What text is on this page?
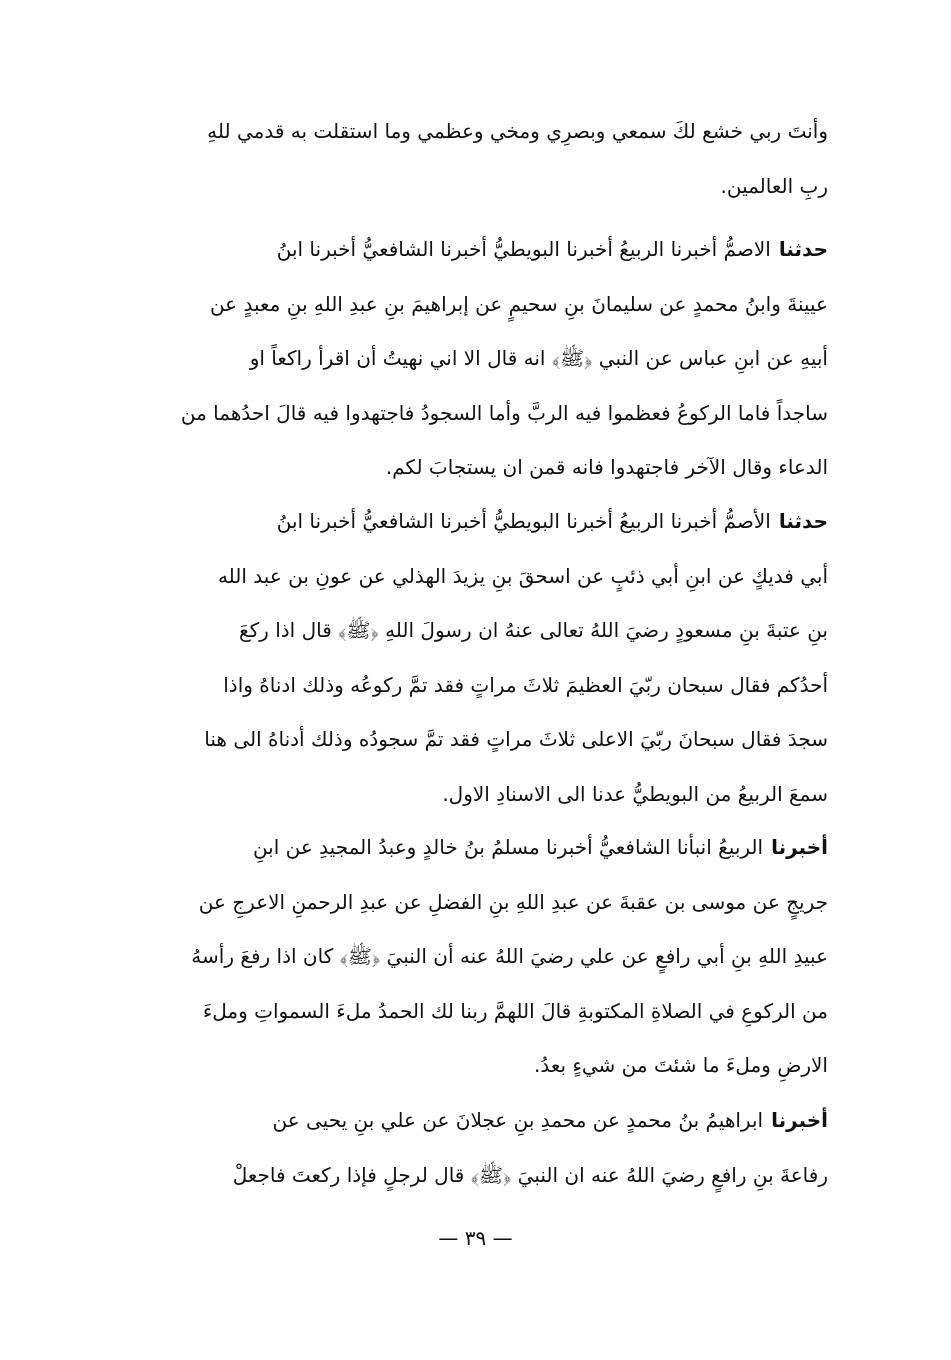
وأنتَ ربي خشع لكَ سمعي وبصرِي ومخي وعظمي وما استقلت به قدمي للهِ
ربِ العالمين.
حدثناالاصمُّ أخبرنا الربيعُ أخبرنا البويطيُّ أخبرنا الشافعيُّ أخبرنا ابنُ
عيينةَ وابنُ محمدٍ عن سليمانَ بنِ سحيمٍ عن إبراهيمَ بنِ عبدِ اللهِ بنِ معبدٍ عن
أبيهِ عن ابنِ عباس عن النبي ﴿ﷺ﴾ انه قال الا اني نهيتُ أن اقرأ راكعاً او
ساجداً فاما الركوعُ فعظموا فيه الربَّ وأما السجودُ فاجتهدوا فيه قالَ احدُهما من
الدعاء وقال الآخر فاجتهدوا فانه قمن ان يستجابَ لكم.
حدثناالأصمُّ أخبرنا الربيعُ أخبرنا البويطيُّ أخبرنا الشافعيُّ أخبرنا ابنُ
أبي فديكٍ عن ابنِ أبي ذئبٍ عن اسحقَ بنِ يزيدَ الهذلي عن عونِ بن عبد الله
بنِ عتبةَ بنِ مسعودٍ رضيَ اللهُ تعالى عنهُ ان رسولَ اللهِ ﴿ﷺ﴾ قال اذا ركعَ
أحدُكم فقال سبحان ربّيَ العظيمَ ثلاثَ مراتٍ فقد تمَّ ركوعُه وذلك ادناهُ واذا
سجدَ فقال سبحانَ ربّيَ الاعلى ثلاثَ مراتٍ فقد تمَّ سجودُه وذلك أدناهُ الى هنا
سمعَ الربيعُ من البويطيُّ عدنا الى الاسنادِ الاول.
أخبرناالربيعُ انبأنا الشافعيُّ أخبرنا مسلمُ بنُ خالدٍ وعبدُ المجيدِ عن ابنِ
جريجٍ عن موسى بن عقبةَ عن عبدِ اللهِ بنِ الفضلِ عن عبدِ الرحمنِ الاعرجِ عن
عبيدِ اللهِ بنِ أبي رافعٍ عن علي رضيَ اللهُ عنه أن النبيَ ﴿ﷺ﴾ كان اذا رفعَ رأسهُ
من الركوعِ في الصلاةِ المكتوبةِ قالَ اللهمَّ ربنا لك الحمدُ ملءَ السمواتِ وملءَ
الارضِ وملءَ ما شئتَ من شيءٍ بعدُ.
أخبرناابراهيمُ بنُ محمدٍ عن محمدِ بنِ عجلانَ عن علي بنِ يحيى عن
رفاعةَ بنِ رافعٍ رضيَ اللهُ عنه ان النبيَ ﴿ﷺ﴾ قال لرجلٍ فإذا ركعتَ فاجعلْ
— ٣٩ —
